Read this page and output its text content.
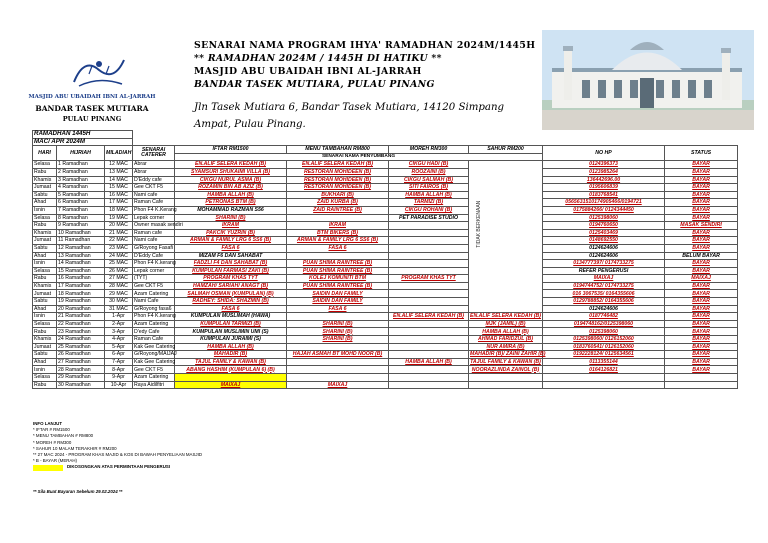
MASJID ABU UBAIDAH IBNI AL-JARRAH
BANDAR TASEK MUTIARA
PULAU PINANG
SENARAI NAMA PROGRAM IHYA' RAMADHAN 2024M/1445H
** RAMADHAN 2024M / 1445H DI HATIKU **
MASJID ABU UBAIDAH IBNI AL-JARRAH
BANDAR TASEK MUTIARA, PULAU PINANG
Jln Tasek Mutiara 6, Bandar Tasek Mutiara, 14120 Simpang Ampat, Pulau Pinang.
RAMADHAN 1445H									
MAC/ APR 2024M									
HARI	HIJRIAH	MILADIAH	SENARAI CATERER	IFTAR RM1500	MENU TAMBAHAN RM800	MOREH RM300	SAHUR RM200	NO HP	STATUS
				SENARAI NAMA PENYUMBANG					
Selasa	1 Ramadhan	12 MAC	Abrar	EN.ALIF SELERA KEDAH (B)	EN.ALIF SELERA KEDAH (B)	CIKGU HADI (B)	TIDAK BERKENAAN	0124396373	BAYAR
Rabu	2 Ramadhan	13 MAC	Abrar	SYAMSURI SHUKAIMI VILLA (B)	RESTORAN MOHIDEEN (B)	ROOZAINI (B)		0123985264	BAYAR
Khamis	3 Ramadhan	14 MAC	D'Eddy cafe	CIKGU NURUL ASMA (B)	RESTORAN MOHIDEEN (B)	CIKGU SALMAH (B)		136442696.00	BAYAR
Jumaat	4 Ramadhan	15 MAC	Gee CKT F5	ROZAMIN BIN AB AZIZ (B)	RESTORAN MOHIDEEN (B)	SITI FAIROS (B)		0195606839	BAYAR
Sabtu	5 Ramadhan	16 MAC	Nami cafe	HAMBA ALLAH (B)	BUKHARI (B)	HAMBA ALLAH (B)		0183768541	BAYAR
Ahad	6 Ramadhan	17 MAC	Raman Cafe	PETRONAS BTM (B)	ZAID KURBA (B)	TARMIZI (B)		0565631510174905466/0194721	BAYAR
Isnin	7 Ramadhan	18 MAC	Phon F4 K.Kerang	MOHAMMAD RAZMAN S56	ZAID RAINTREE (B)	CIKGU ROHANI (B)		0175884266/ 0124344450	BAYAR
Selasa	8 Ramadhan	19 MAC	Lepak corner	SHARINI (B)		PET PARADISE STUDIO		0125398060	BAYAR
Rabu	9 Ramadhan	20 MAC	Owner masak sendiri	IKRAM	IKRAM			0194760650	MASAK SENDIRI
Khamis	10 Ramadhan	21 MAC	Raman cafe	PAKCIK YUZRIN (B)	BTM BIKERS (B)			0125403469	BAYAR
Jumaat	11 Ramadhan	22 MAC	Nami cafe	ARMAN & FAMILY LRG 6 SS6 (B)	ARMAN & FAMILY LRG 6 SS6 (B)			0148692550	BAYAR
Sabtu	12 Ramadhan	23 MAC	G/Royong Fasafi	FASA 6	FASA 6			0124624606	BAYAR
Ahad	13 Ramadhan	24 MAC	D'Eddy Cafe	MIZAM F6 DAN SAHABAT				0124624606	BELUM BAYAR
Isnin	14 Ramadhan	25 MAC	Phon F4 K.kerang	FADZLI F4 DAN SAHABAT (B)	PUAN SHIMA RAINTREE (B)			0134777397/ 0174733275	BAYAR
Selasa	15 Ramadhan	26 MAC	Lepak corner	KUMPULAN FARMASI ZAKI (B)	PUAN SHIMA RAINTREE (B)			REFER PENGERUSI	BAYAR
Rabu	16 Ramadhan	27 MAC	(TYT)	PROGRAM KHAS TYT	KOLEJ KOMUNITI BTM	PROGRAM KHAS TYT		MAIXAJ	MAIXAJ
Khamis	17 Ramadhan	28 MAC	Gee CKT F5	HAMZAH/ SARIAH/ ANAGT (B)	PUAN SHIMA RAINTREE (B)			0194744752/ 0174733275	BAYAR
Jumaat	18 Ramadhan	29 MAC	Azam Catering	SALMAH OSMAN (KUMPULAN) (B)	SAIDIN DAN FAMILY			016 3067535/ 0164355606	BAYAR
Sabtu	19 Ramadhan	30 MAC	Nami Cafe	RADHEY: SHIDA: SHAZMIN (B)	SAIDIN DAN FAMILY			0129788852/ 0164355606	BAYAR
Ahad	20 Ramadhan	31 MAC	G/Royong fasa6	FASA 6	FASA 6			0124624606	BAYAR
Isnin	21 Ramadhan	1-Apr	Phon F4 K.kerang	KUMPULAN MUSLIMAH (HAWA)		EN.ALIF SELERA KEDAH (B)	EN.ALIF SELERA KEDAH (B)	0187746482	BAYAR
Selasa	22 Ramadhan	2-Apr	Azam Catering	KUMPULAN TARMIZI (B)	SHARINI (B)		MJK (JAMIL) (B)	0194748162/0125398060	BAYAR
Rabu	23 Ramadhan	3-Apr	D'edy Cafe	KUMPULAN MUSLIMIN UMI (S)	SHARINI (B)		HAMBA ALLAH (B)	0125398060	BAYAR
Khamis	24 Ramadhan	4-Apr	Raman Cafe	KUMPULAN JURAIMI (S)	SHARINI (B)		AHMAD FARIDZUL (B)	0125398060/ 0126152060	BAYAR
Jumaat	25 Ramadhan	5-Apr	Kak Gee Catering	HAMBA ALLAH (B)			NUR AMIRA (B)	0183760541/ 0126152060	BAYAR
Sabtu	26 Ramadhan	6-Apr	G/Royong/MAIJAJ	MAHADIR (B)	HAJAH ASMAH BT MOHD NOOR (B)		MAHADIR (B)/ ZAINI ZAHIR (B)	0192228124/ 0125634561	BAYAR
Ahad	27 Ramadhan	7-Apr	Kak Gee Catering	TAJUL FAMILY & KAWAN (B)		HAMBA ALLAH (B)	TAJUL FAMILY & KAWAN (B)	0113355144	BAYAR
Isnin	28 Ramadhan	8-Apr	Gee CKT F5	ABANG HASHIM (KUMPULAN 6) (B)			NOORAZLINDA ZAINOL (B)	0164126821	BAYAR
Selasa	29 Ramadhan	9-Apr	Azam Catering						
Rabu	30 Ramadhan	10-Apr	Raya Aidilfitri	MAIXAJ	MAIXAJ				
INFO LANJUT
* IFTAR # RM1500
* MENU TAMBAHAN # RM800
* MOREH # RM300
* SAHUR 10 MALAM TERAKHIR # RM200
** 27 MAC 2024 - PROGRAM KHAS MAJID & KOS DI BAWAH PENYELIAAN MASJID
* B - BAYAR (MERAH)
DIKOSONGKAN ATAS PERMINTAAN PENGERUSI
** Sila Buat Bayaran Sebelum 29.02.2024 **
